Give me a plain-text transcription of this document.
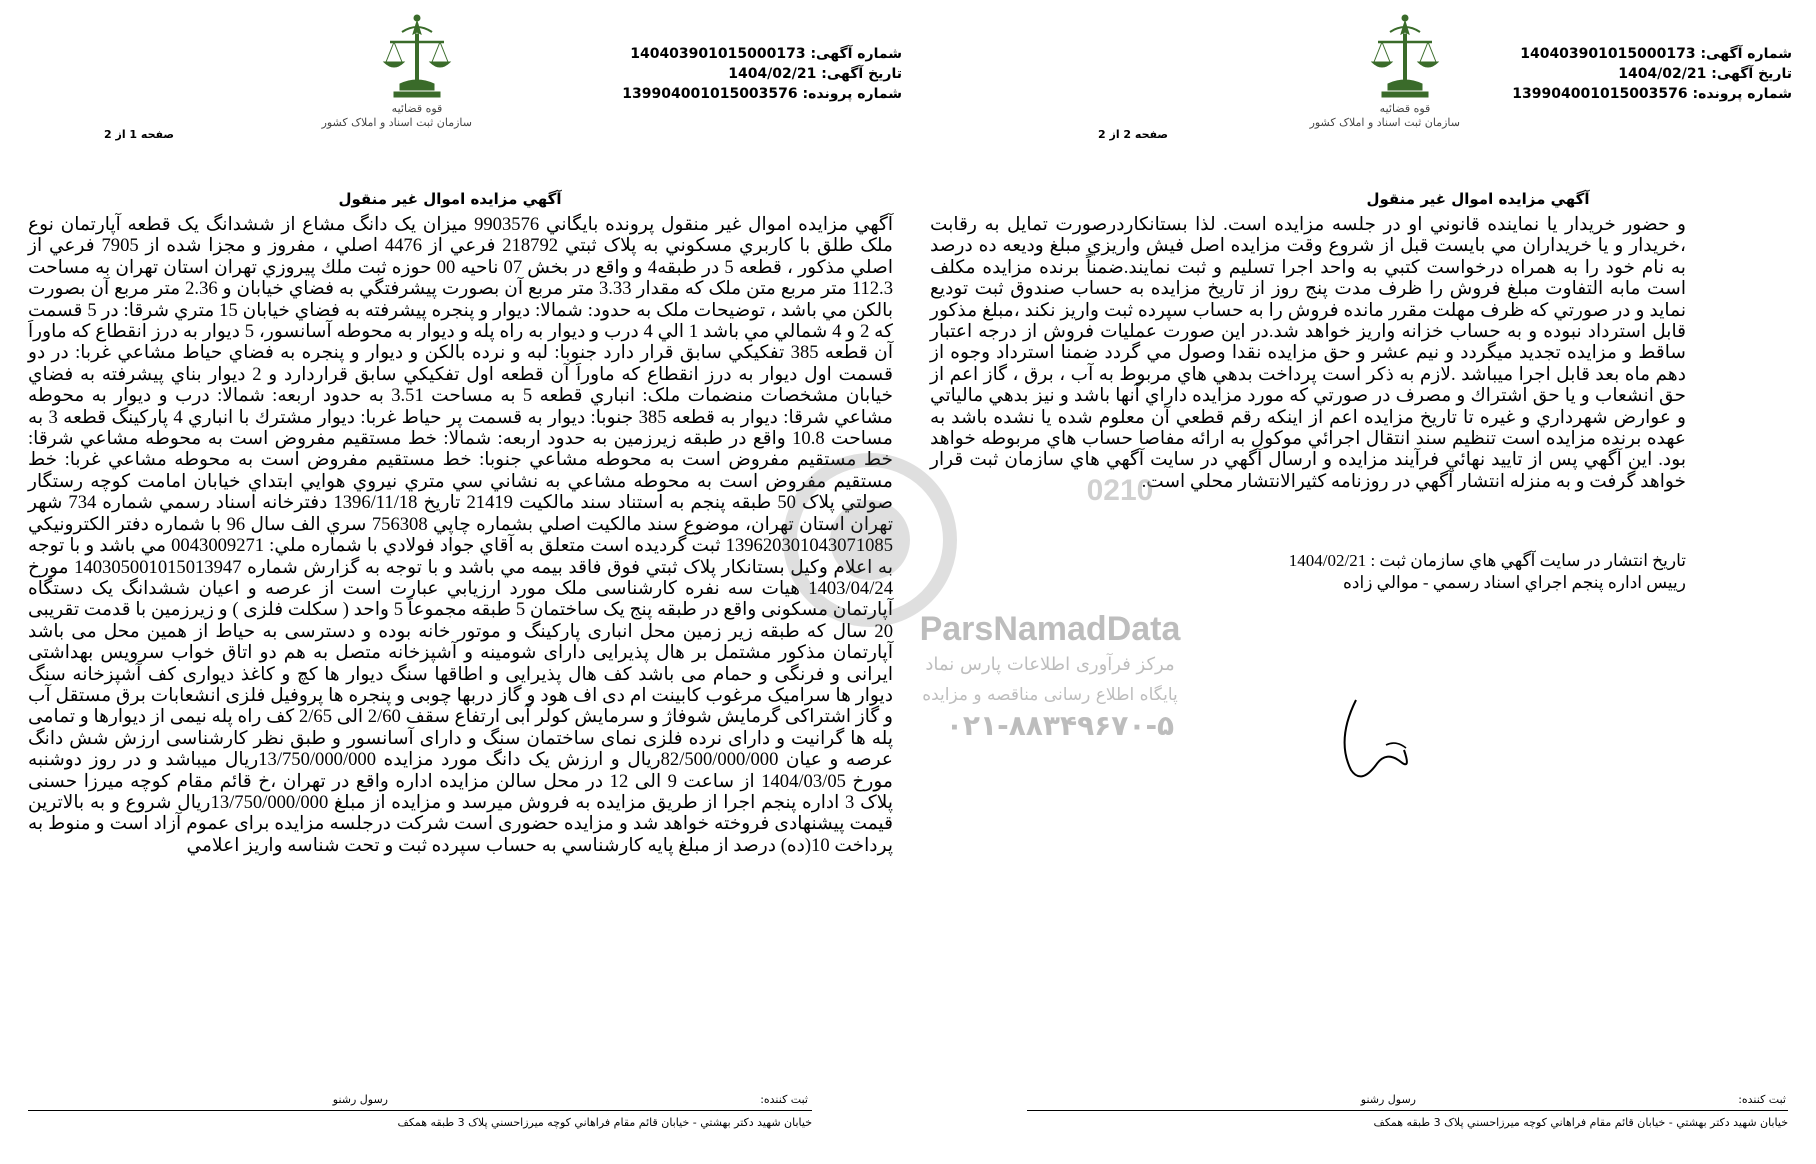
شماره آگهی: 140403901015000173
تاریخ آگهی: 1404/02/21
شماره پرونده: 139904001015003576
قوه قضائیه
سازمان ثبت اسناد و املاک کشور
صفحه 1 از 2
آگهي مزايده اموال غير منقول
آگهي مزايده اموال غير منقول پرونده بايگاني 9903576 ميزان يک دانگ مشاع از ششدانگ يک قطعه آپارتمان نوع ملک طلق با کاربري مسکوني به پلاک ثبتي 218792 فرعي از 4476 اصلي ، مفروز و مجزا شده از 7905 فرعي از اصلي مذکور ، قطعه 5 در طبقه4 و واقع در بخش 07 ناحيه 00 حوزه ثبت ملك پيروزي تهران استان تهران به مساحت 112.3 متر مربع متن ملک که مقدار 3.33 متر مربع آن بصورت پيشرفتگي به فضاي خيابان و 2.36 متر مربع آن بصورت بالکن مي باشد ، توضيحات ملک به حدود: شمالا: ديوار و پنجره پيشرفته به فضاي خيابان 15 متري شرقا: در 5 قسمت که 2 و 4 شمالي مي باشد 1 الي 4 درب و ديوار به راه پله و ديوار به محوطه آسانسور، 5 ديوار به درز انقطاع که ماوراَ آن قطعه 385 تفکيکي سابق قرار دارد جنوبا: لبه و نرده بالکن و ديوار و پنجره به فضاي حياط مشاعي غربا: در دو قسمت اول ديوار به درز انقطاع كه ماوراَ آن قطعه اول تفکيکي سابق قراردارد و 2 ديوار بناي پيشرفته به فضاي خيابان مشخصات منضمات ملک: انباري قطعه 5 به مساحت 3.51 به حدود اربعه: شمالا: درب و ديوار به محوطه مشاعي شرقا: ديوار به قطعه 385 جنوبا: ديوار به قسمت پر حياط غربا: ديوار مشترك با انباري 4 پارکينگ قطعه 3 به مساحت 10.8 واقع در طبقه زيرزمين به حدود اربعه: شمالا: خط مستقيم مفروض است به محوطه مشاعي شرقا: خط مستقيم مفروض است به محوطه مشاعي جنوبا: خط مستقيم مفروض است به محوطه مشاعي غربا: خط مستقيم مفروض است به محوطه مشاعي به نشاني سي متري نيروي هوايي ابتداي خيابان امامت کوچه رستگار صولتي پلاک 50 طبقه پنجم به استناد سند مالکيت 21419 تاريخ 1396/11/18 دفترخانه اسناد رسمي شماره 734 شهر تهران استان تهران، موضوع سند مالکيت اصلي بشماره چاپي 756308 سري الف سال 96 با شماره دفتر الکترونيکي 139620301043071085 ثبت گرديده است متعلق به آقاي جواد فولادي با شماره ملي: 0043009271 مي باشد و با توجه به اعلام وکيل بستانکار پلاک ثبتي فوق فاقد بيمه مي باشد و با توجه به گزارش شماره 140305001015013947 مورخ 1403/04/24 هيات سه نفره كارشناسی ملک مورد ارزيابي عبارت است از عرصه و اعيان ششدانگ يک دستگاه آپارتمان مسكونی واقع در طبقه پنج يک ساختمان 5 طبقه مجموعاً 5 واحد ( سكلت فلزی ) و زيرزمين با قدمت تقريبی 20 سال كه طبقه زير زمين محل انباری پاركينگ و موتور خانه بوده و دسترسی به حياط از همين محل می باشد آپارتمان مذكور مشتمل بر هال پذيرايی دارای شومينه و آشپزخانه متصل به هم دو اتاق خواب سرويس بهداشتی ايرانی و فرنگی و حمام می باشد كف هال پذيرايی و اطاقها سنگ ديوار ها كچ و كاغذ ديواری كف آشپزخانه سنگ ديوار ها سراميک مرغوب كابينت ام دی اف هود و گاز دربها چوبی و پنجره ها پروفيل فلزی انشعابات برق مستقل آب و گاز اشتراكی گرمايش شوفاژ و سرمايش كولر آبی ارتفاع سقف 2/60 الی 2/65 كف راه پله نيمی از ديوارها و تمامی پله ها گرانيت و دارای نرده فلزی نمای ساختمان سنگ و دارای آسانسور و طبق نظر كارشناسی ارزش شش دانگ عرصه و عيان 82/500/000/000ريال و ارزش يک دانگ مورد مزايده 13/750/000/000ريال ميباشد و در روز دوشنبه مورخ 1404/03/05 از ساعت 9 الی 12 در محل سالن مزايده اداره واقع در تهران ،خ قائم مقام كوچه ميرزا حسنی پلاک 3 اداره پنجم اجرا از طريق مزايده به فروش ميرسد و مزايده از مبلغ 13/750/000/000ريال شروع و به بالاترين قيمت پيشنهادی فروخته خواهد شد و مزايده حضوری است شركت درجلسه مزايده برای عموم آزاد است و منوط به پرداخت 10(ده) درصد از مبلغ پايه كارشناسي به حساب سپرده ثبت و تحت شناسه واريز اعلامي
ثبت کننده:
رسول رشنو
خيابان شهيد دكتر بهشتي - خيابان قائم مقام فراهاني كوچه ميرزاحسني پلاک 3 طبقه همکف
شماره آگهی: 140403901015000173
تاریخ آگهی: 1404/02/21
شماره پرونده: 139904001015003576
قوه قضائیه
سازمان ثبت اسناد و املاک کشور
صفحه 2 از 2
آگهي مزايده اموال غير منقول
و حضور خريدار يا نماينده قانوني او در جلسه مزايده است. لذا بستانكاردرصورت تمايل به رقابت ،خريدار و يا خريداران مي بايست قبل از شروع وقت مزايده اصل فيش واريزي مبلغ وديعه ده درصد به نام خود را به همراه درخواست كتبي به واحد اجرا تسليم و ثبت نمايند.ضمناً برنده مزايده مكلف است مابه التفاوت مبلغ فروش را ظرف مدت پنج روز از تاريخ مزايده به حساب صندوق ثبت توديع نمايد و در صورتي كه ظرف مهلت مقرر مانده فروش را به حساب سپرده ثبت واريز نكند ،مبلغ مذكور قابل استرداد نبوده و به حساب خزانه واريز خواهد شد.در اين صورت عمليات فروش از درجه اعتبار ساقط و مزايده تجديد ميگردد و نيم عشر و حق مزايده نقدا وصول مي گردد ضمنا استرداد وجوه از دهم ماه بعد قابل اجرا ميباشد .لازم به ذكر است پرداخت بدهي هاي مربوط به آب ، برق ، گاز اعم از حق انشعاب و يا حق اشتراك و مصرف در صورتي كه مورد مزايده داراي آنها باشد و نيز بدهي مالياتي و عوارض شهرداري و غيره تا تاريخ مزايده اعم از اينكه رقم قطعي آن معلوم شده يا نشده باشد به عهده برنده مزايده است تنظيم سند انتقال اجرائي موكول به ارائه مفاصا حساب هاي مربوطه خواهد بود. اين آگهي پس از تاييد نهائي فرآيند مزايده و ارسال آگهي در سايت آگهي هاي سازمان ثبت قرار خواهد گرفت و به منزله انتشار آگهي در روزنامه كثيرالانتشار محلي است.
تاريخ انتشار در سايت آگهي هاي سازمان ثبت : 1404/02/21
رييس اداره پنجم اجراي اسناد رسمي - موالي زاده
ثبت کننده:
رسول رشنو
خيابان شهيد دكتر بهشتي - خيابان قائم مقام فراهاني كوچه ميرزاحسني پلاک 3 طبقه همکف
0210
ParsNamadData
مرکز فرآوری اطلاعات پارس نماد
پایگاه اطلاع رسانی مناقصه و مزایده
۰۲۱-۸۸۳۴۹۶۷۰-۵
